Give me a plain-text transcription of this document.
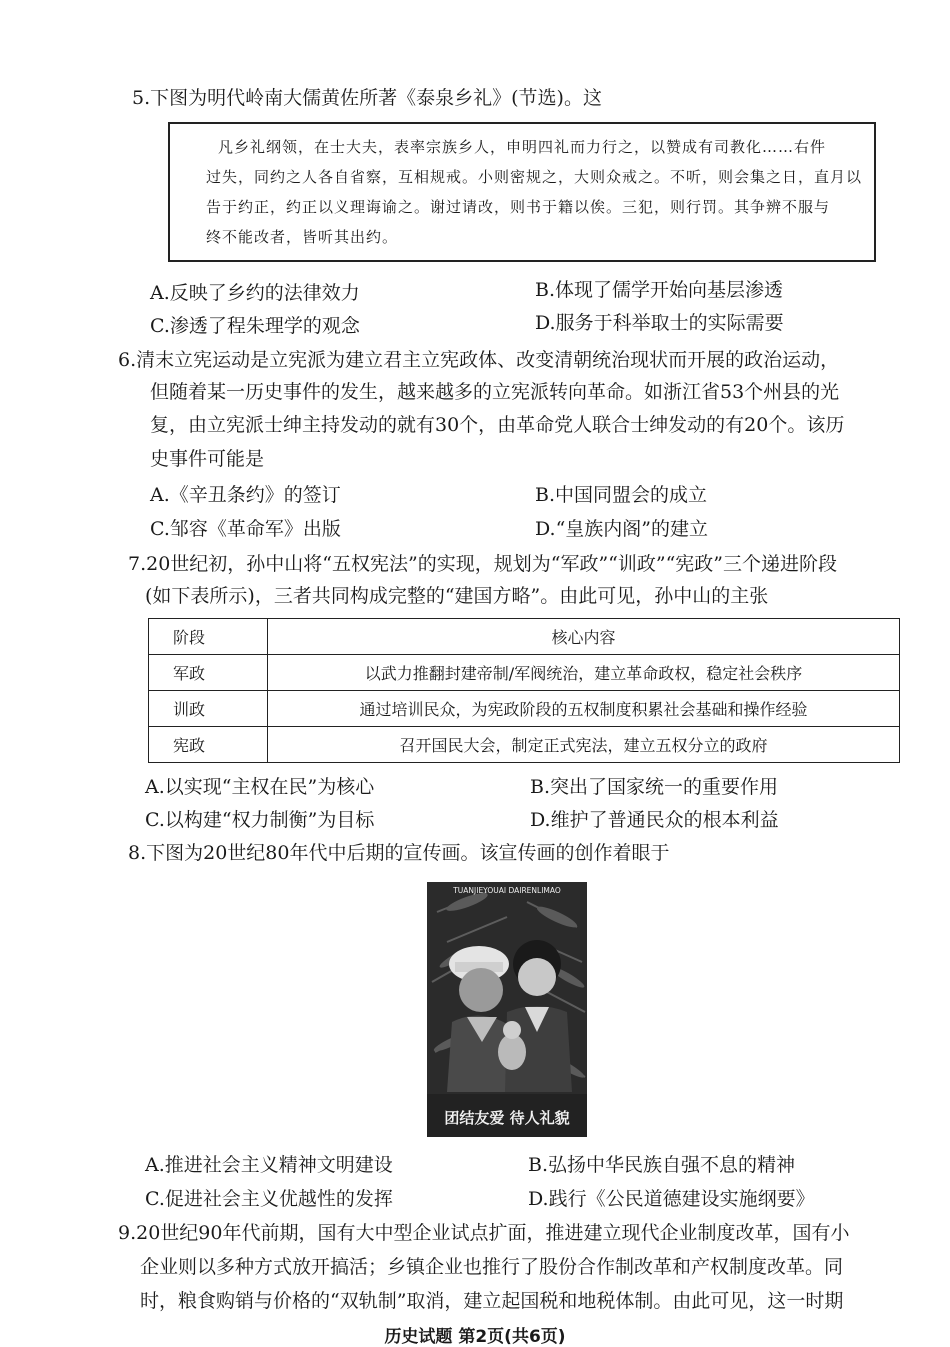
5.下图为明代岭南大儒黄佐所著《泰泉乡礼》(节选)。这

凡乡礼纲领，在士大夫，表率宗族乡人，申明四礼而力行之，以赞成有司教化……右件

过失，同约之人各自省察，互相规戒。小则密规之，大则众戒之。不听，则会集之日，直月以

告于约正，约正以义理诲谕之。谢过请改，则书于籍以俟。三犯，则行罚。其争辨不服与

终不能改者，皆听其出约。

A.反映了乡约的法律效力	B.体现了儒学开始向基层渗透
C.渗透了程朱理学的观念	D.服务于科举取士的实际需要
6.清末立宪运动是立宪派为建立君主立宪政体、改变清朝统治现状而开展的政治运动，
但随着某一历史事件的发生，越来越多的立宪派转向革命。如浙江省53个州县的光
复，由立宪派士绅主持发动的就有30个，由革命党人联合士绅发动的有20个。该历
史事件可能是
A.《辛丑条约》的签订	B.中国同盟会的成立
C.邹容《革命军》出版	D.“皇族内阁”的建立
7.20世纪初，孙中山将“五权宪法”的实现，规划为“军政”“训政”“宪政”三个递进阶段
(如下表所示)，三者共同构成完整的“建国方略”。由此可见，孙中山的主张
阶段	核心内容
军政	以武力推翻封建帝制/军阀统治，建立革命政权，稳定社会秩序
训政	通过培训民众，为宪政阶段的五权制度积累社会基础和操作经验
宪政	召开国民大会，制定正式宪法，建立五权分立的政府
A.以实现“主权在民”为核心	B.突出了国家统一的重要作用
C.以构建“权力制衡”为目标	D.维护了普通民众的根本利益
8.下图为20世纪80年代中后期的宣传画。该宣传画的创作着眼于
TUANJIEYOUAI DAIRENLIMAO
团结友爱 待人礼貌
A.推进社会主义精神文明建设	B.弘扬中华民族自强不息的精神
C.促进社会主义优越性的发挥	D.践行《公民道德建设实施纲要》
9.20世纪90年代前期，国有大中型企业试点扩面，推进建立现代企业制度改革，国有小
企业则以多种方式放开搞活；乡镇企业也推行了股份合作制改革和产权制度改革。同
时，粮食购销与价格的“双轨制”取消，建立起国税和地税体制。由此可见，这一时期
历史试题 第2页(共6页)
